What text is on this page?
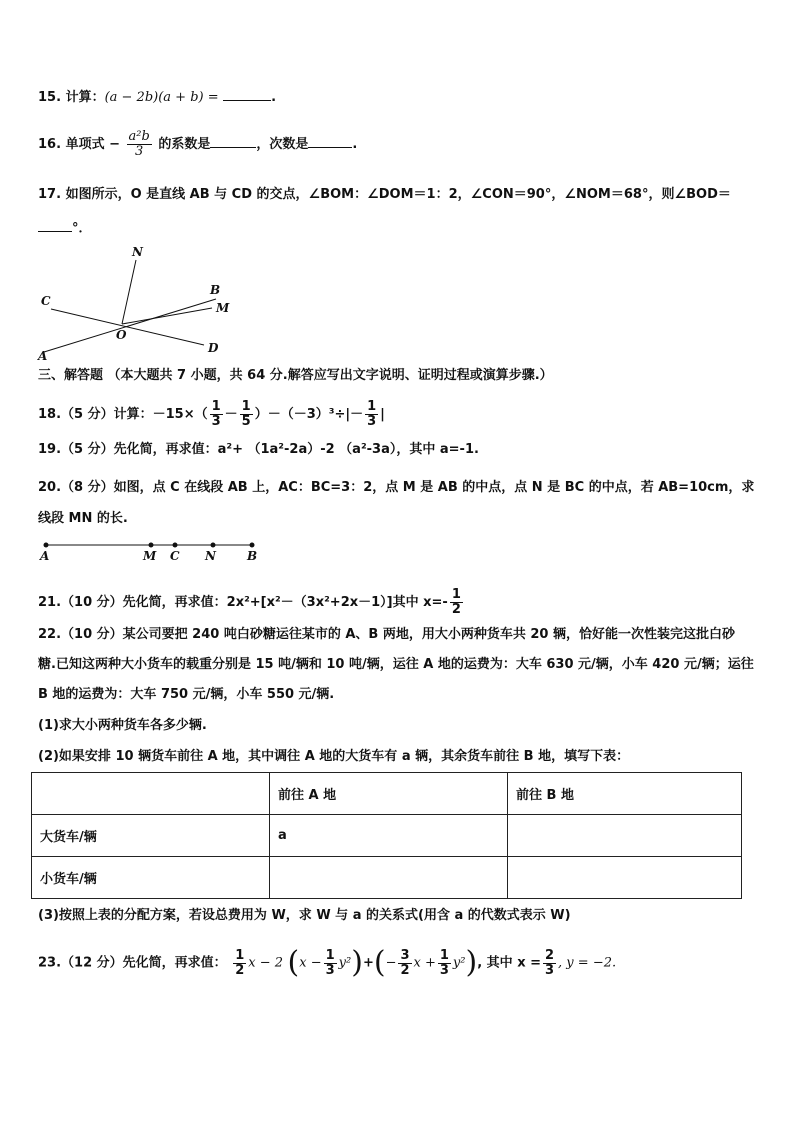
15. 计算：(a − 2b)(a + b) =	.
16. 单项式 − $\frac{\text{a²b}}{3}$ 的系数是	，次数是	.
17. 如图所示，O 是直线 AB 与 CD 的交点，∠BOM：∠DOM＝1：2，∠CON＝90°，∠NOM＝68°，则∠BOD＝
°．
N
C
B
M
O
A
D
三、解答题 （本大题共 7 小题，共 64 分.解答应写出文字说明、证明过程或演算步骤.）
18.（5 分）计算：$-15\times( \frac{1}{3} - \frac{1}{5} )-(-3)^3\div|- \frac{1}{3}$ |
19.（5 分）先化简，再求值：a²+ （1a²-2a）-2 （a²-3a），其中 a=-1.
20.（8 分）如图，点 C 在线段 AB 上，AC：BC=3：2，点 M 是 AB 的中点，点 N 是 BC 的中点，若 AB=10cm，求
线段 MN 的长.
A	M C N	B
21.（10 分）先化简，再求值：2x²+[x²－（3x²+2x－1）]其中 $x=- \frac{1}{2}$
22.（10 分）某公司要把 240 吨白砂糖运往某市的 A、B 两地，用大小两种货车共 20 辆，恰好能一次性装完这批白砂
糖.已知这两种大小货车的载重分别是 15 吨/辆和 10 吨/辆，运往 A 地的运费为：大车 630 元/辆，小车 420 元/辆；运往
B 地的运费为：大车 750 元/辆，小车 550 元/辆.
(1)求大小两种货车各多少辆.
(2)如果安排 10 辆货车前往 A 地，其中调往 A 地的大货车有 a 辆，其余货车前往 B 地，填写下表：
	前往 A 地	前往 B 地
大货车/辆	a	
小货车/辆		
(3)按照上表的分配方案，若设总费用为 W，求 W 与 a 的关系式(用含 a 的代数式表示 W)
23.（12 分）先化简，再求值： $\frac{1}{2}$ x − 2 $(x - \frac{1}{3} y^2)+(- \frac{3}{2}$ $x + \frac{1}{3} y^2$), 其中 $x = \frac{2}{3}$ , y = −2.
